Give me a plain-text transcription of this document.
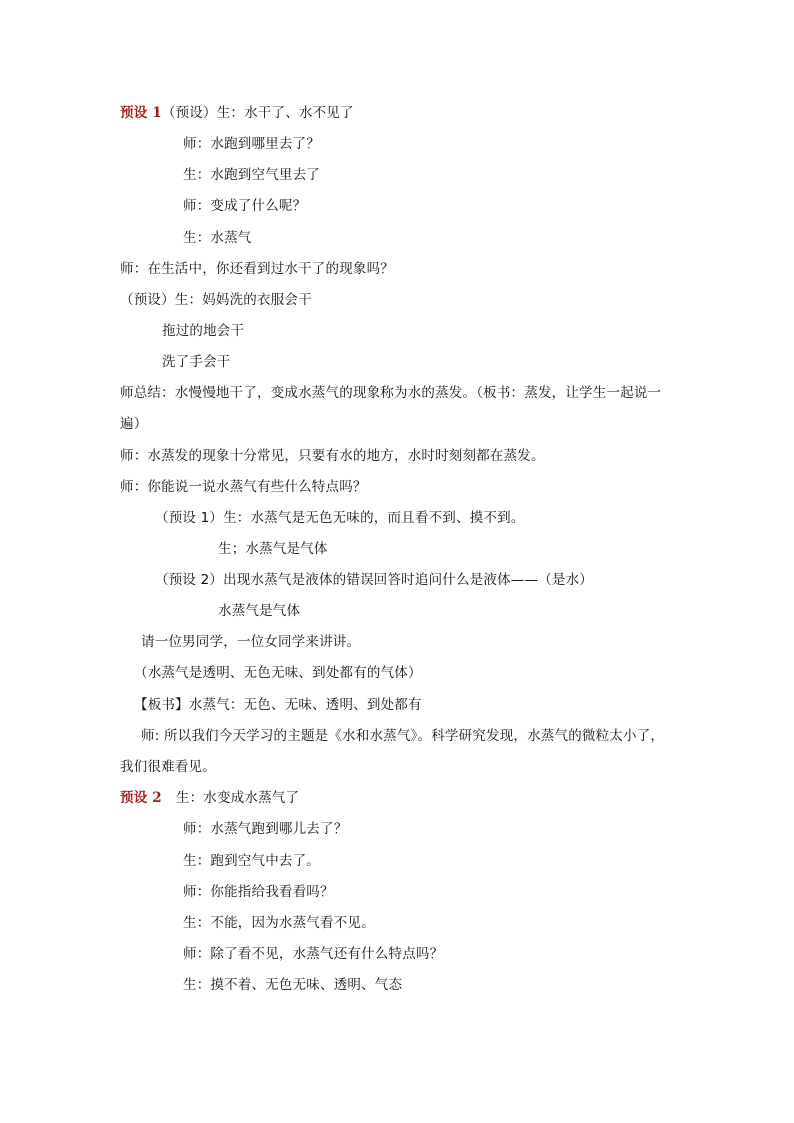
预设 1（预设）生：水干了、水不见了
师：水跑到哪里去了？
生：水跑到空气里去了
师：变成了什么呢？
生：水蒸气
师：在生活中，你还看到过水干了的现象吗？
（预设）生：妈妈洗的衣服会干
拖过的地会干
洗了手会干
师总结：水慢慢地干了，变成水蒸气的现象称为水的蒸发。（板书：蒸发，让学生一起说一
遍）
师：水蒸发的现象十分常见，只要有水的地方，水时时刻刻都在蒸发。
师：你能说一说水蒸气有些什么特点吗？
（预设 1）生：水蒸气是无色无味的，而且看不到、摸不到。
生；水蒸气是气体
（预设 2）出现水蒸气是液体的错误回答时追问什么是液体——（是水）
水蒸气是气体
请一位男同学，一位女同学来讲讲。
（水蒸气是透明、无色无味、到处都有的气体）
【板书】水蒸气：无色、无味、透明、到处都有
师: 所以我们今天学习的主题是《水和水蒸气》。科学研究发现，水蒸气的微粒太小了，
我们很难看见。
预设 2 生：水变成水蒸气了
师：水蒸气跑到哪儿去了？
生：跑到空气中去了。
师：你能指给我看看吗？
生：不能，因为水蒸气看不见。
师：除了看不见，水蒸气还有什么特点吗？
生：摸不着、无色无味、透明、气态
